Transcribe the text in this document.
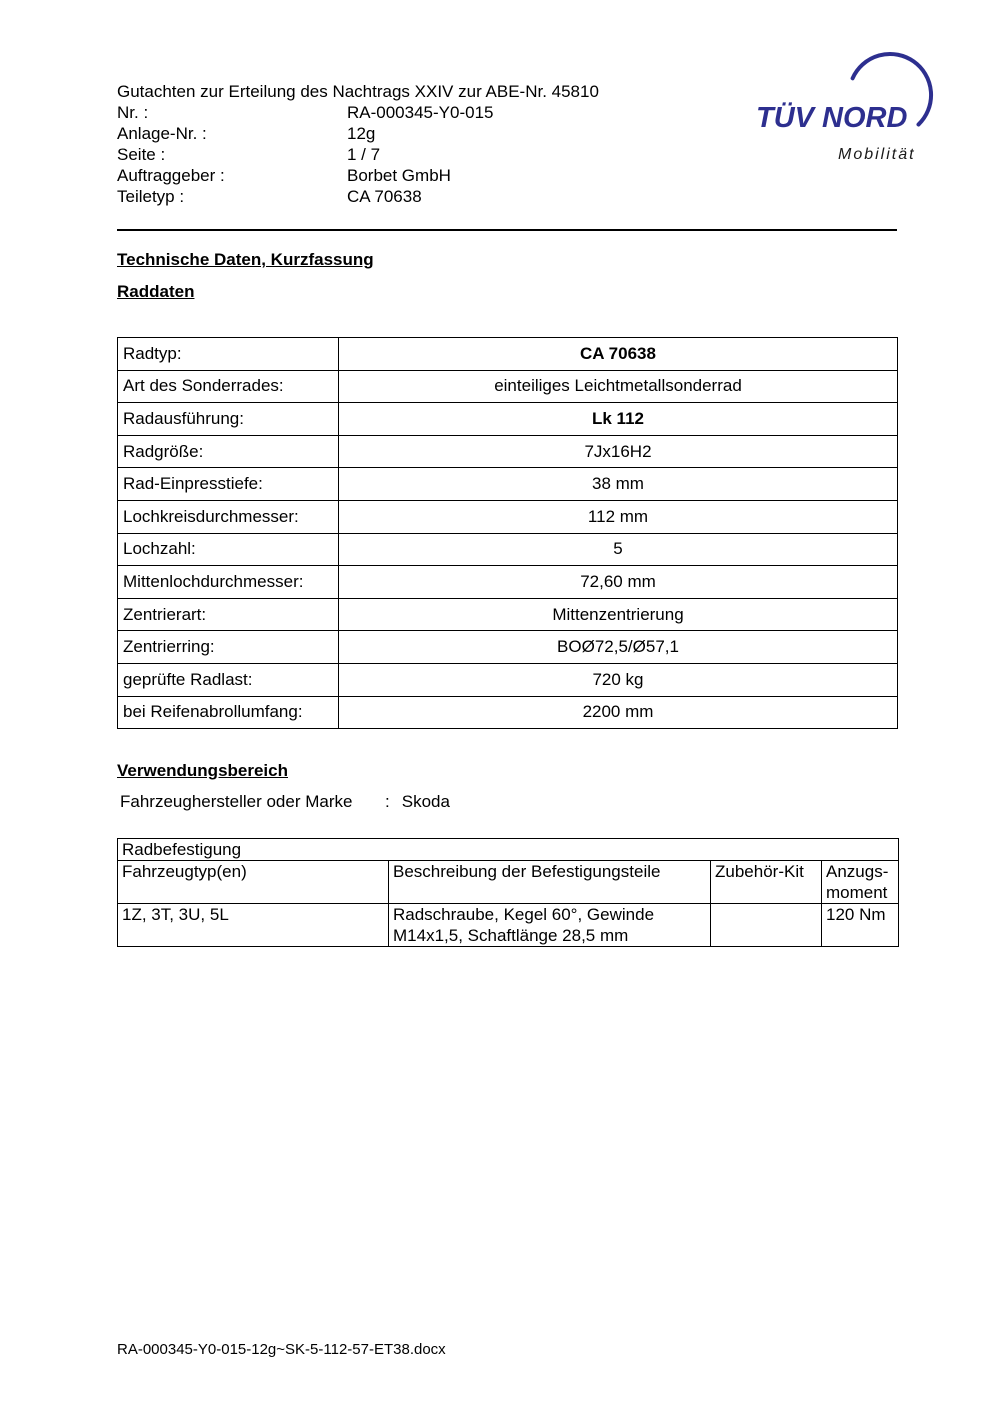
Gutachten zur Erteilung des Nachtrags XXIV zur ABE-Nr. 45810
Nr. :	RA-000345-Y0-015
Anlage-Nr. :	12g
Seite :	1 / 7
Auftraggeber :	Borbet GmbH
Teiletyp :	CA 70638
TÜV NORD
Mobilität
Technische Daten, Kurzfassung
Raddaten
Radtyp:	CA 70638
Art des Sonderrades:	einteiliges Leichtmetallsonderrad
Radausführung:	Lk 112
Radgröße:	7Jx16H2
Rad-Einpresstiefe:	38 mm
Lochkreisdurchmesser:	112 mm
Lochzahl:	5
Mittenlochdurchmesser:	72,60 mm
Zentrierart:	Mittenzentrierung
Zentrierring:	BOØ72,5/Ø57,1
geprüfte Radlast:	720 kg
bei Reifenabrollumfang:	2200 mm
Verwendungsbereich
Fahrzeughersteller oder Marke : Skoda
Radbefestigung			
Fahrzeugtyp(en)	Beschreibung der Befestigungsteile	Zubehör-Kit	Anzugs-moment
1Z, 3T, 3U, 5L	Radschraube, Kegel 60°, Gewinde M14x1,5, Schaftlänge 28,5 mm		120 Nm
RA-000345-Y0-015-12g~SK-5-112-57-ET38.docx
